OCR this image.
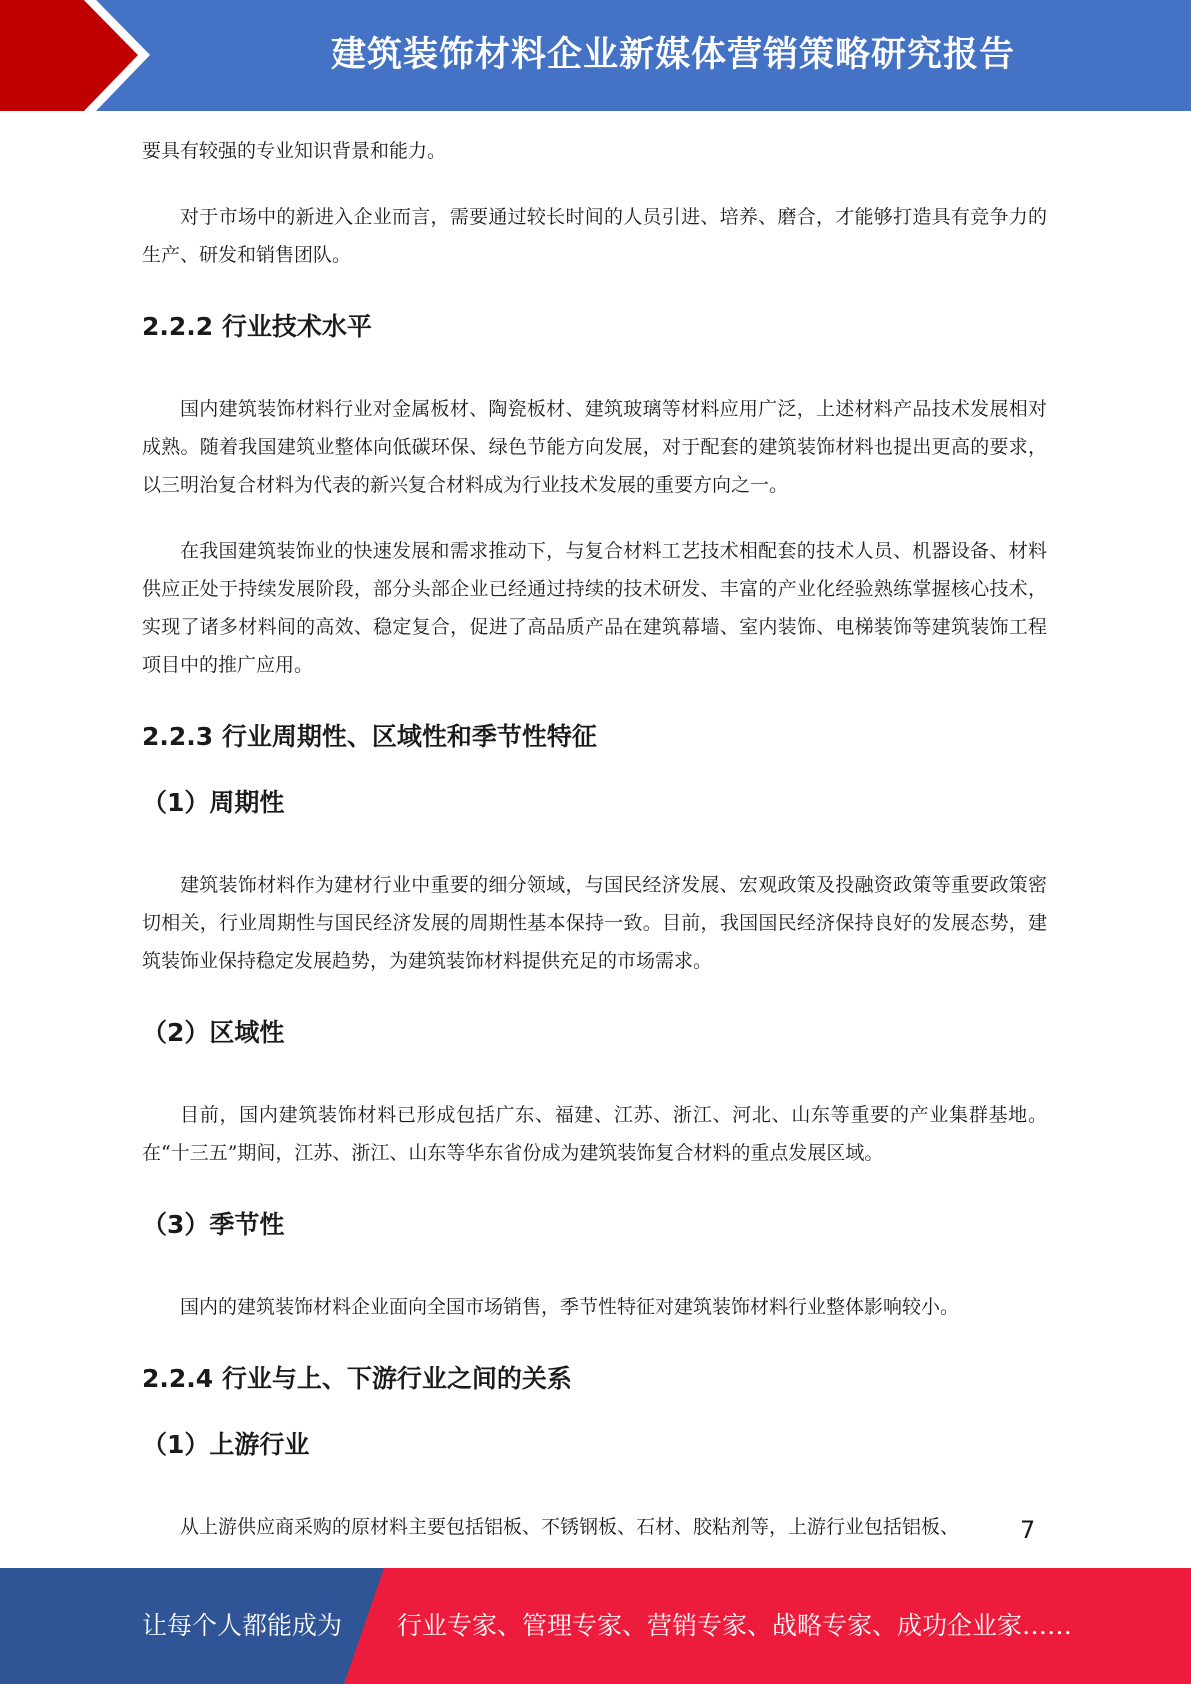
建筑装饰材料企业新媒体营销策略研究报告

要具有较强的专业知识背景和能力。

对于市场中的新进入企业而言，需要通过较长时间的人员引进、培养、磨合，才能够打造具有竞争力的生产、研发和销售团队。

2.2.2 行业技术水平

国内建筑装饰材料行业对金属板材、陶瓷板材、建筑玻璃等材料应用广泛，上述材料产品技术发展相对成熟。随着我国建筑业整体向低碳环保、绿色节能方向发展，对于配套的建筑装饰材料也提出更高的要求，以三明治复合材料为代表的新兴复合材料成为行业技术发展的重要方向之一。

在我国建筑装饰业的快速发展和需求推动下，与复合材料工艺技术相配套的技术人员、机器设备、材料供应正处于持续发展阶段，部分头部企业已经通过持续的技术研发、丰富的产业化经验熟练掌握核心技术，实现了诸多材料间的高效、稳定复合，促进了高品质产品在建筑幕墙、室内装饰、电梯装饰等建筑装饰工程项目中的推广应用。

2.2.3 行业周期性、区域性和季节性特征
（1）周期性

建筑装饰材料作为建材行业中重要的细分领域，与国民经济发展、宏观政策及投融资政策等重要政策密切相关，行业周期性与国民经济发展的周期性基本保持一致。目前，我国国民经济保持良好的发展态势，建筑装饰业保持稳定发展趋势，为建筑装饰材料提供充足的市场需求。

（2）区域性

目前，国内建筑装饰材料已形成包括广东、福建、江苏、浙江、河北、山东等重要的产业集群基地。在“十三五”期间，江苏、浙江、山东等华东省份成为建筑装饰复合材料的重点发展区域。

（3）季节性

国内的建筑装饰材料企业面向全国市场销售，季节性特征对建筑装饰材料行业整体影响较小。

2.2.4 行业与上、下游行业之间的关系
（1）上游行业

从上游供应商采购的原材料主要包括铝板、不锈钢板、石材、胶粘剂等，上游行业包括铝板、	7
让每个人都能成为 行业专家、管理专家、营销专家、战略专家、成功企业家……
